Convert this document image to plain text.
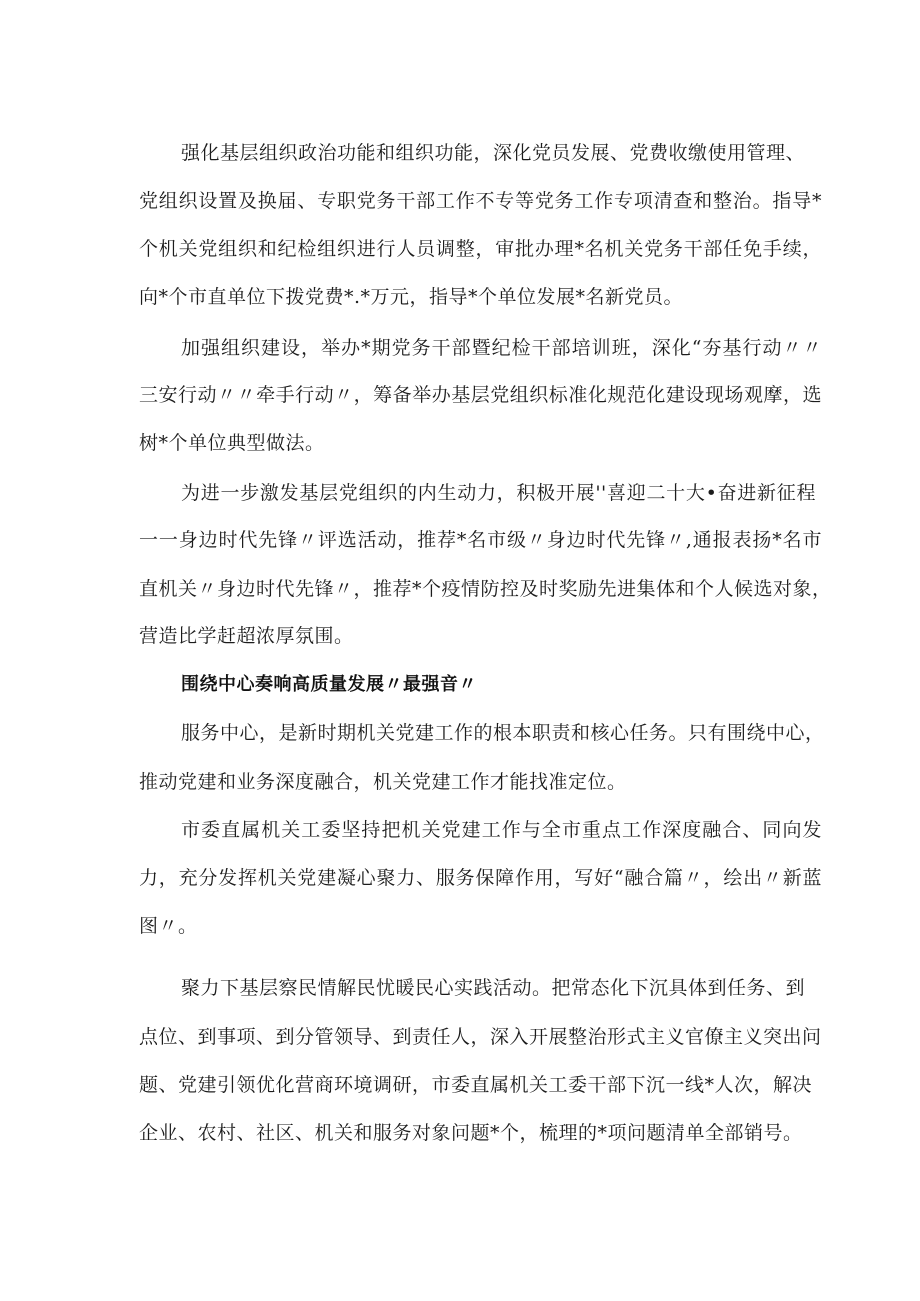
强化基层组织政治功能和组织功能，深化党员发展、党费收缴使用管理、
党组织设置及换届、专职党务干部工作不专等党务工作专项清查和整治。指导*
个机关党组织和纪检组织进行人员调整，审批办理*名机关党务干部任免手续，
向*个市直单位下拨党费*.*万元，指导*个单位发展*名新党员。
加强组织建设，举办*期党务干部暨纪检干部培训班，深化“夯基行动〃〃
三安行动〃〃牵手行动〃，筹备举办基层党组织标准化规范化建设现场观摩，选
树*个单位典型做法。
为进一步激发基层党组织的内生动力，积极开展''喜迎二十大•奋进新征程
一一身边时代先锋〃评选活动，推荐*名市级〃身边时代先锋〃,通报表扬*名市
直机关〃身边时代先锋〃，推荐*个疫情防控及时奖励先进集体和个人候选对象，
营造比学赶超浓厚氛围。
围绕中心奏响高质量发展〃最强音〃
服务中心，是新时期机关党建工作的根本职责和核心任务。只有围绕中心，
推动党建和业务深度融合，机关党建工作才能找准定位。
市委直属机关工委坚持把机关党建工作与全市重点工作深度融合、同向发
力，充分发挥机关党建凝心聚力、服务保障作用，写好“融合篇〃，绘出〃新蓝
图〃。
聚力下基层察民情解民忧暖民心实践活动。把常态化下沉具体到任务、到
点位、到事项、到分管领导、到责任人，深入开展整治形式主义官僚主义突出问
题、党建引领优化营商环境调研，市委直属机关工委干部下沉一线*人次，解决
企业、农村、社区、机关和服务对象问题*个，梳理的*项问题清单全部销号。
